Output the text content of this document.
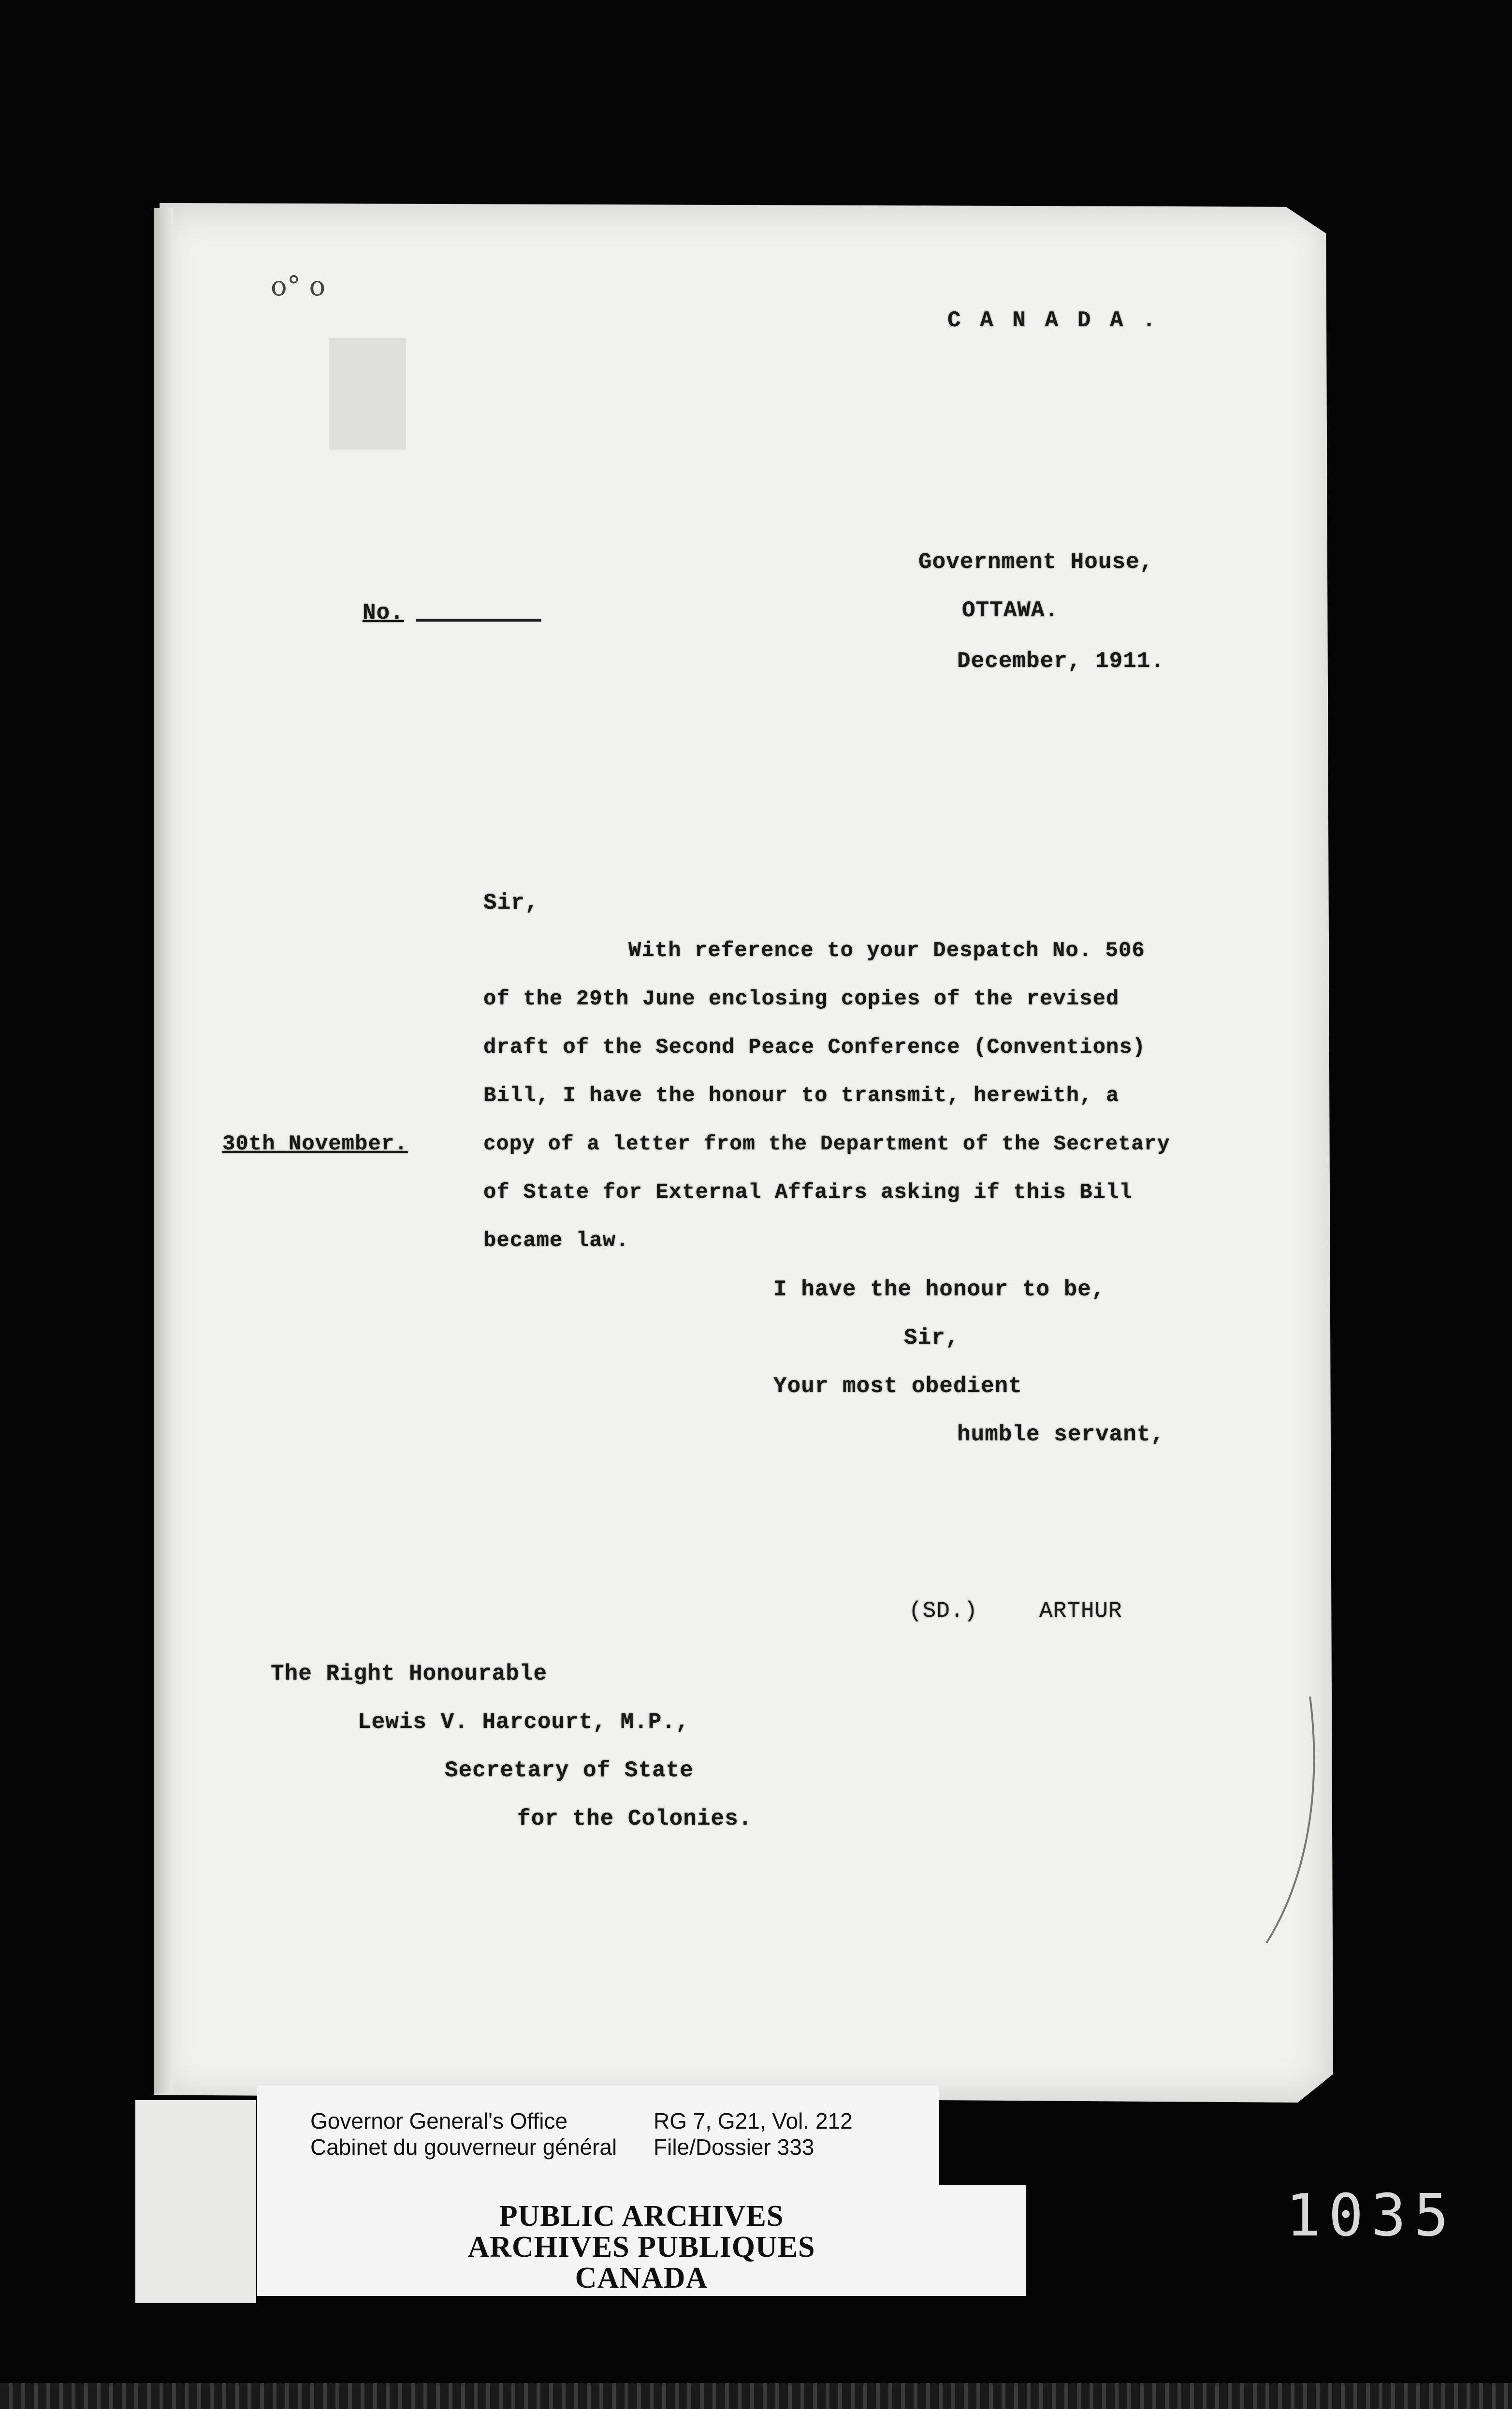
o° o
C A N A D A .
Government House,
No.	OTTAWA.
December, 1911.
Sir,
With reference to your Despatch No. 506
of the 29th June enclosing copies of the revised
draft of the Second Peace Conference (Conventions)
Bill, I have the honour to transmit, herewith, a
30th November.	copy of a letter from the Department of the Secretary
of State for External Affairs asking if this Bill
became law.
I have the honour to be,
Sir,
Your most obedient
humble servant,
(SD.)	ARTHUR
The Right Honourable
Lewis V. Harcourt, M.P.,
Secretary of State
for the Colonies.
Governor General's Office
Cabinet du gouverneur général
RG 7, G21, Vol. 212
File/Dossier 333
PUBLIC ARCHIVES
ARCHIVES PUBLIQUES
CANADA
1035
